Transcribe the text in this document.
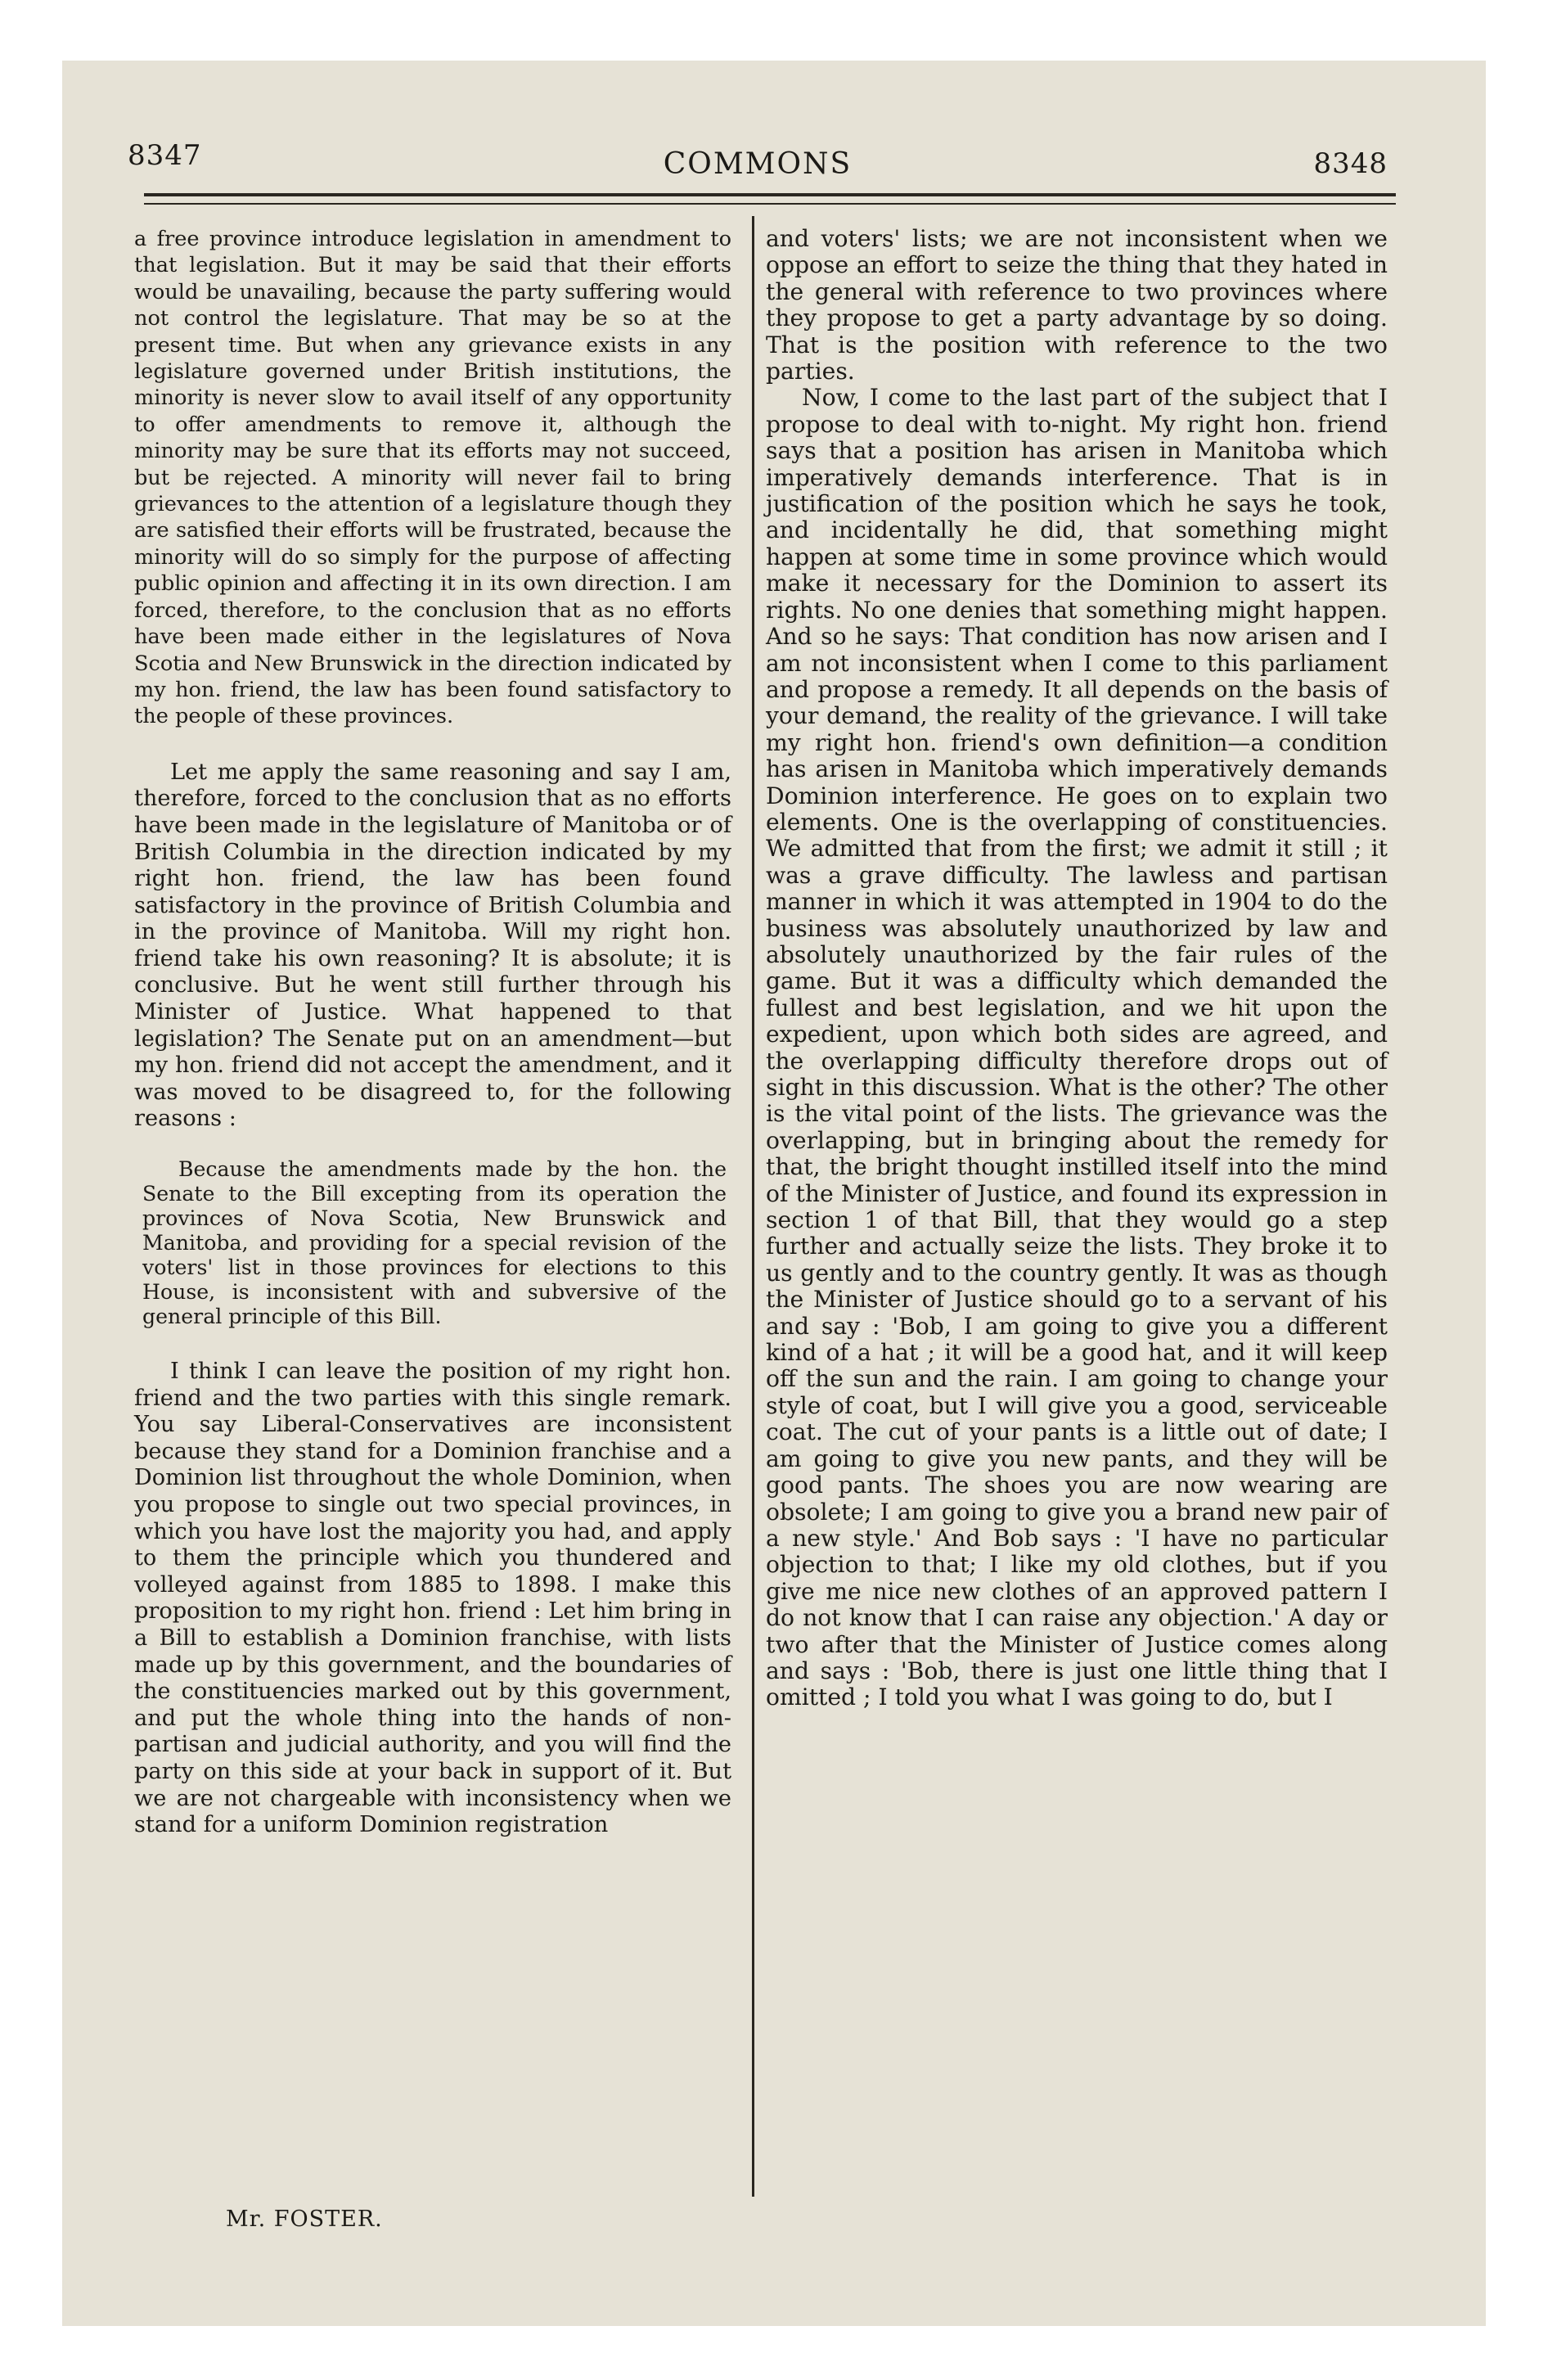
8347	COMMONS	8348

a free province introduce legislation in amendment to that legislation. But it may be said that their efforts would be unavailing, because the party suffering would not control the legislature. That may be so at the present time. But when any grievance exists in any legislature governed under British institutions, the minority is never slow to avail itself of any opportunity to offer amendments to remove it, although the minority may be sure that its efforts may not succeed, but be rejected. A minority will never fail to bring grievances to the attention of a legislature though they are satisfied their efforts will be frustrated, because the minority will do so simply for the purpose of affecting public opinion and affecting it in its own direction. I am forced, therefore, to the conclusion that as no efforts have been made either in the legislatures of Nova Scotia and New Brunswick in the direction indicated by my hon. friend, the law has been found satisfactory to the people of these provinces.

Let me apply the same reasoning and say I am, therefore, forced to the conclusion that as no efforts have been made in the legislature of Manitoba or of British Columbia in the direction indicated by my right hon. friend, the law has been found satisfactory in the province of British Columbia and in the province of Manitoba. Will my right hon. friend take his own reasoning? It is absolute; it is conclusive. But he went still further through his Minister of Justice. What happened to that legislation? The Senate put on an amendment—but my hon. friend did not accept the amendment, and it was moved to be disagreed to, for the following reasons :

Because the amendments made by the hon. the Senate to the Bill excepting from its operation the provinces of Nova Scotia, New Brunswick and Manitoba, and providing for a special revision of the voters' list in those provinces for elections to this House, is inconsistent with and subversive of the general principle of this Bill.

I think I can leave the position of my right hon. friend and the two parties with this single remark. You say Liberal-Conservatives are inconsistent because they stand for a Dominion franchise and a Dominion list throughout the whole Dominion, when you propose to single out two special provinces, in which you have lost the majority you had, and apply to them the principle which you thundered and volleyed against from 1885 to 1898. I make this proposition to my right hon. friend : Let him bring in a Bill to establish a Dominion franchise, with lists made up by this government, and the boundaries of the constituencies marked out by this government, and put the whole thing into the hands of non-partisan and judicial authority, and you will find the party on this side at your back in support of it. But we are not chargeable with inconsistency when we stand for a uniform Dominion registration

and voters' lists; we are not inconsistent when we oppose an effort to seize the thing that they hated in the general with reference to two provinces where they propose to get a party advantage by so doing. That is the position with reference to the two parties.

Now, I come to the last part of the subject that I propose to deal with to-night. My right hon. friend says that a position has arisen in Manitoba which imperatively demands interference. That is in justification of the position which he says he took, and incidentally he did, that something might happen at some time in some province which would make it necessary for the Dominion to assert its rights. No one denies that something might happen. And so he says: That condition has now arisen and I am not inconsistent when I come to this parliament and propose a remedy. It all depends on the basis of your demand, the reality of the grievance. I will take my right hon. friend's own definition—a condition has arisen in Manitoba which imperatively demands Dominion interference. He goes on to explain two elements. One is the overlapping of constituencies. We admitted that from the first; we admit it still ; it was a grave difficulty. The lawless and partisan manner in which it was attempted in 1904 to do the business was absolutely unauthorized by law and absolutely unauthorized by the fair rules of the game. But it was a difficulty which demanded the fullest and best legislation, and we hit upon the expedient, upon which both sides are agreed, and the overlapping difficulty therefore drops out of sight in this discussion. What is the other? The other is the vital point of the lists. The grievance was the overlapping, but in bringing about the remedy for that, the bright thought instilled itself into the mind of the Minister of Justice, and found its expression in section 1 of that Bill, that they would go a step further and actually seize the lists. They broke it to us gently and to the country gently. It was as though the Minister of Justice should go to a servant of his and say : 'Bob, I am going to give you a different kind of a hat ; it will be a good hat, and it will keep off the sun and the rain. I am going to change your style of coat, but I will give you a good, serviceable coat. The cut of your pants is a little out of date; I am going to give you new pants, and they will be good pants. The shoes you are now wearing are obsolete; I am going to give you a brand new pair of a new style.' And Bob says : 'I have no particular objection to that; I like my old clothes, but if you give me nice new clothes of an approved pattern I do not know that I can raise any objection.' A day or two after that the Minister of Justice comes along and says : 'Bob, there is just one little thing that I omitted ; I told you what I was going to do, but I

Mr. FOSTER.
